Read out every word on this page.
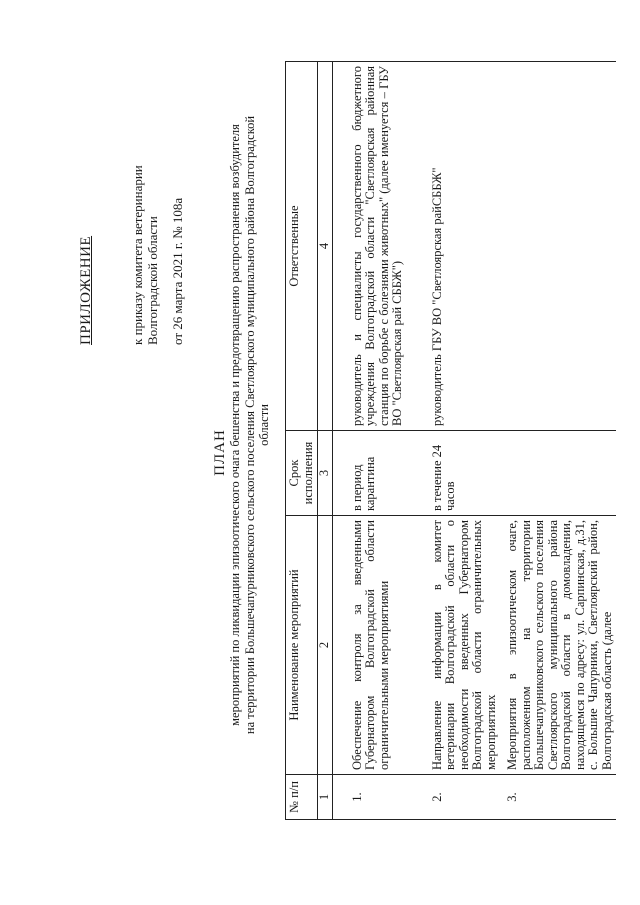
ПРИЛОЖЕНИЕ	к приказу комитета ветеринарии Волгоградской области от 26 марта 2021 г. № 108а
ПЛАН мероприятий по ликвидации эпизоотического очага бешенства и предотвращению распространения возбудителя на территории Большечапурниковского сельского поселения Светлоярского муниципального района Волгоградской области
№ п/п	Наименование мероприятий	Срок исполнения	Ответственные
1	2	3	4
1.	Обеспечение контроля за введенными Губернатором Волгоградской области ограничительными мероприятиями	в период карантина	руководитель и специалисты государственного бюджетного учреждения Волгоградской области "Светлоярская районная станция по борьбе с болезнями животных" (далее именуется – ГБУ ВО "Светлоярская рай СББЖ")
2.	Направление информации в комитет ветеринарии Волгоградской области о необходимости введенных Губернатором Волгоградской области ограничительных мероприятиях	в течение 24 часов	руководитель ГБУ ВО "Светлоярская райСББЖ"
3.	Мероприятия в эпизоотическом очаге, расположенном на территории Большечапурниковского сельского поселения Светлоярского муниципального района Волгоградской области в домовладении, находящемся по адресу: ул. Сарпинская, д.31, с. Большие Чапурники, Светлоярский район, Волгоградская область (далее		
